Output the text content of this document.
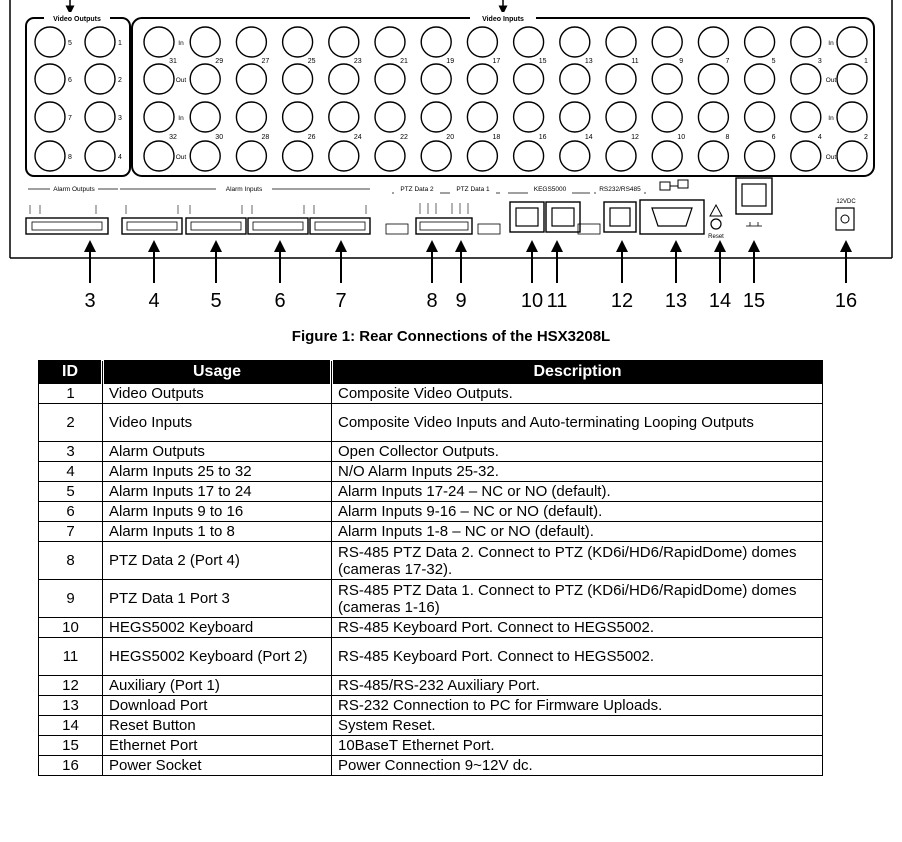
Video Outputs
5	1
6	2
7	3
8	4
Video Inputs
31
32
29
30
27
28
25
26
23
24
21
22
19
20
17
18
15
16
13
14
11
12
9
10
7
8
5
6
3
4
1
2
In
Out
In
Out
In
Out
In
Out
Alarm Outputs	Alarm Inputs	PTZ Data 2	PTZ Data 1	KEGS5000	RS232/RS485
Reset
12VDC
3	4	5	6 7	8 9	10 11 12 13 14 15	16
Figure 1: Rear Connections of the HSX3208L
ID	Usage	Description
1	Video Outputs	Composite Video Outputs.
2	Video Inputs	Composite Video Inputs and Auto-terminating Looping Outputs
3	Alarm Outputs	Open Collector Outputs.
4	Alarm Inputs 25 to 32	N/O Alarm Inputs 25-32.
5	Alarm Inputs 17 to 24	Alarm Inputs 17-24 – NC or NO (default).
6	Alarm Inputs 9 to 16	Alarm Inputs 9-16 – NC or NO (default).
7	Alarm Inputs 1 to 8	Alarm Inputs 1-8 – NC or NO (default).
8	PTZ Data 2 (Port 4)	RS-485 PTZ Data 2. Connect to PTZ (KD6i/HD6/RapidDome) domes (cameras 17-32).
9	PTZ Data 1 Port 3	RS-485 PTZ Data 1. Connect to PTZ (KD6i/HD6/RapidDome) domes (cameras 1-16)
10	HEGS5002 Keyboard	RS-485 Keyboard Port. Connect to HEGS5002.
11	HEGS5002 Keyboard (Port 2)	RS-485 Keyboard Port. Connect to HEGS5002.
12	Auxiliary (Port 1)	RS-485/RS-232 Auxiliary Port.
13	Download Port	RS-232 Connection to PC for Firmware Uploads.
14	Reset Button	System Reset.
15	Ethernet Port	10BaseT Ethernet Port.
16	Power Socket	Power Connection 9~12V dc.
